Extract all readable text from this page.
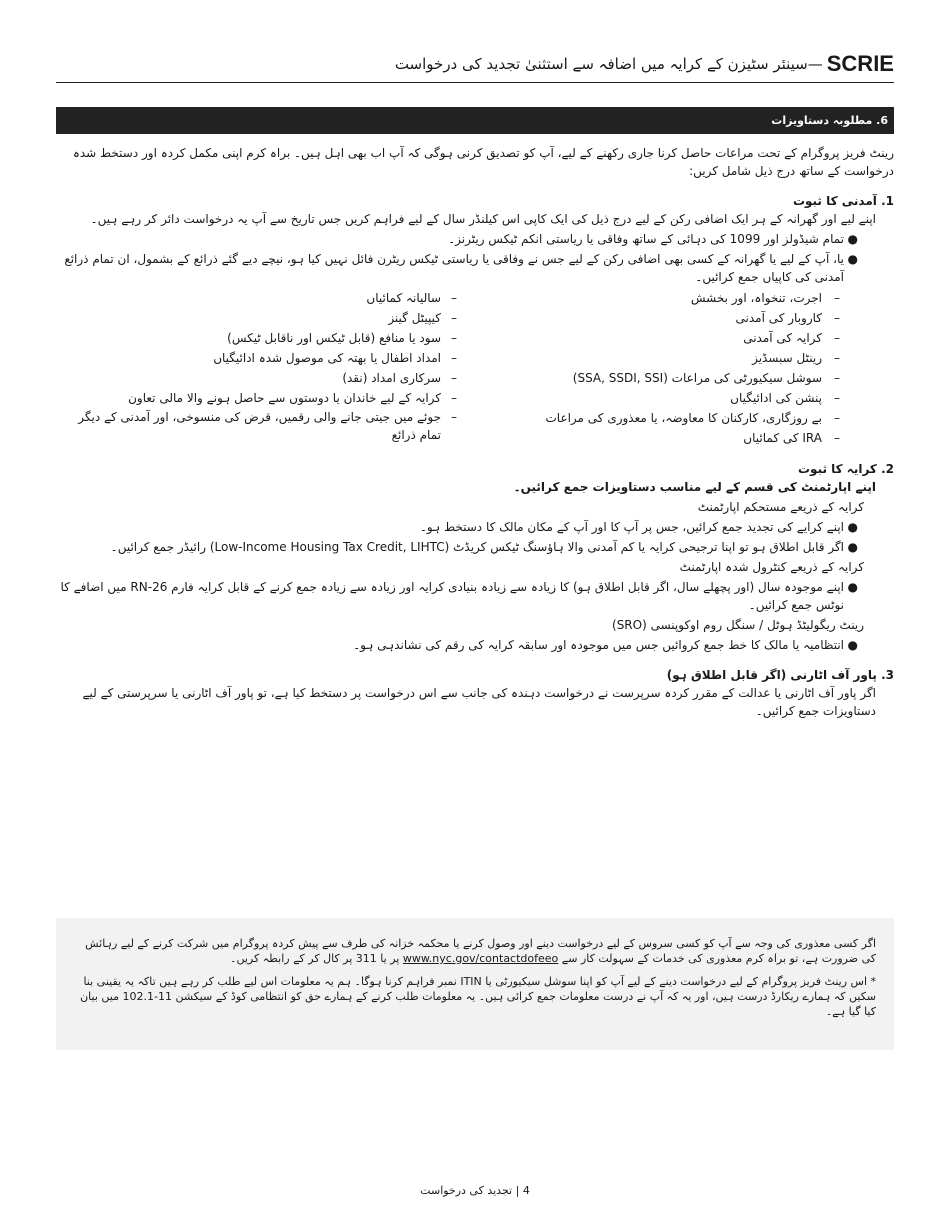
SCRIE
—سینئر سٹیزن کے کرایہ میں اضافہ سے استثنیٰ تجدید کی درخواست
6. مطلوبہ دستاویزات

رینٹ فریز پروگرام کے تحت مراعات حاصل کرنا جاری رکھنے کے لیے، آپ کو تصدیق کرنی ہوگی کہ آپ اب بھی اہل ہیں۔ براہ کرم اپنی مکمل کردہ اور دستخط شدہ درخواست کے ساتھ درج ذیل شامل کریں:

1. آمدنی کا ثبوت

اپنے لیے اور گھرانہ کے ہر ایک اضافی رکن کے لیے درج ذیل کی ایک کاپی اس کیلنڈر سال کے لیے فراہم کریں جس تاریخ سے آپ یہ درخواست دائر کر رہے ہیں۔

●
تمام شیڈولز اور 1099 کی دہائی کے ساتھ وفاقی یا ریاستی انکم ٹیکس ریٹرنز۔
●
یا، آپ کے لیے یا گھرانہ کے کسی بھی اضافی رکن کے لیے جس نے وفاقی یا ریاستی ٹیکس ریٹرن فائل نہیں کیا ہو، نیچے دیے گئے ذرائع کے بشمول، ان تمام ذرائع آمدنی کی کاپیاں جمع کرائیں۔
–
اجرت، تنخواہ، اور بخشش
–
کاروبار کی آمدنی
–
کرایہ کی آمدنی
–
رینٹل سبسڈیز
–
سوشل سیکیورٹی کی مراعات (SSA, SSDI, SSI)
–
پنشن کی ادائیگیاں
–
بے روزگاری، کارکنان کا معاوضہ، یا معذوری کی مراعات
–
IRA کی کمائیاں
–
سالیانہ کمائیاں
–
کیپیٹل گینز
–
سود یا منافع (قابل ٹیکس اور ناقابل ٹیکس)
–
امداد اطفال یا بھتہ کی موصول شدہ ادائیگیاں
–
سرکاری امداد (نقد)
–
کرایہ کے لیے خاندان یا دوستوں سے حاصل ہونے والا مالی تعاون
–
جوئے میں جیتی جانے والی رقمیں، قرض کی منسوخی، اور آمدنی کے دیگر تمام ذرائع

2. کرایہ کا ثبوت

اپنے اپارٹمنٹ کی قسم کے لیے مناسب دستاویزات جمع کرائیں۔

کرایہ کے ذریعے مستحکم اپارٹمنٹ

●
اپنے کرایے کی تجدید جمع کرائیں، جس پر آپ کا اور آپ کے مکان مالک کا دستخط ہو۔
●
اگر قابل اطلاق ہو تو اپنا ترجیحی کرایہ یا کم آمدنی والا ہاؤسنگ ٹیکس کریڈٹ (Low-Income Housing Tax Credit, LIHTC) رائیڈر جمع کرائیں۔

کرایہ کے ذریعے کنٹرول شدہ اپارٹمنٹ

●
اپنے موجودہ سال (اور پچھلے سال، اگر قابل اطلاق ہو) کا زیادہ سے زیادہ بنیادی کرایہ اور زیادہ سے زیادہ جمع کرنے کے قابل کرایہ فارم RN-26 میں اضافے کا نوٹس جمع کرائیں۔

رینٹ ریگولیٹڈ ہوٹل / سنگل روم اوکوپنسی (SRO)

●
انتظامیہ یا مالک کا خط جمع کروائیں جس میں موجودہ اور سابقہ کرایہ کی رقم کی نشاندہی ہو۔

3. پاور آف اٹارنی (اگر قابل اطلاق ہو)

اگر پاور آف اٹارنی یا عدالت کے مقرر کردہ سرپرست نے درخواست دہندہ کی جانب سے اس درخواست پر دستخط کیا ہے، تو پاور آف اٹارنی یا سرپرستی کے لیے دستاویزات جمع کرائیں۔

اگر کسی معذوری کی وجہ سے آپ کو کسی سروس کے لیے درخواست دینے اور وصول کرنے یا محکمہ خزانہ کی طرف سے پیش کردہ پروگرام میں شرکت کرنے کے لیے رہائش کی ضرورت ہے، تو براہ کرم معذوری کی خدمات کے سہولت کار سے www.nyc.gov/contactdofeeo پر یا 311 پر کال کر کے رابطہ کریں۔

* اس رینٹ فریز پروگرام کے لیے درخواست دینے کے لیے آپ کو اپنا سوشل سیکیورٹی یا ITIN نمبر فراہم کرنا ہوگا۔ ہم یہ معلومات اس لیے طلب کر رہے ہیں تاکہ یہ یقینی بنا سکیں کہ ہمارے ریکارڈ درست ہیں، اور یہ کہ آپ نے درست معلومات جمع کرائی ہیں۔ یہ معلومات طلب کرنے کے ہمارے حق کو انتظامی کوڈ کے سیکشن 11-102.1 میں بیان کیا گیا ہے۔

4 | تجدید کی درخواست
